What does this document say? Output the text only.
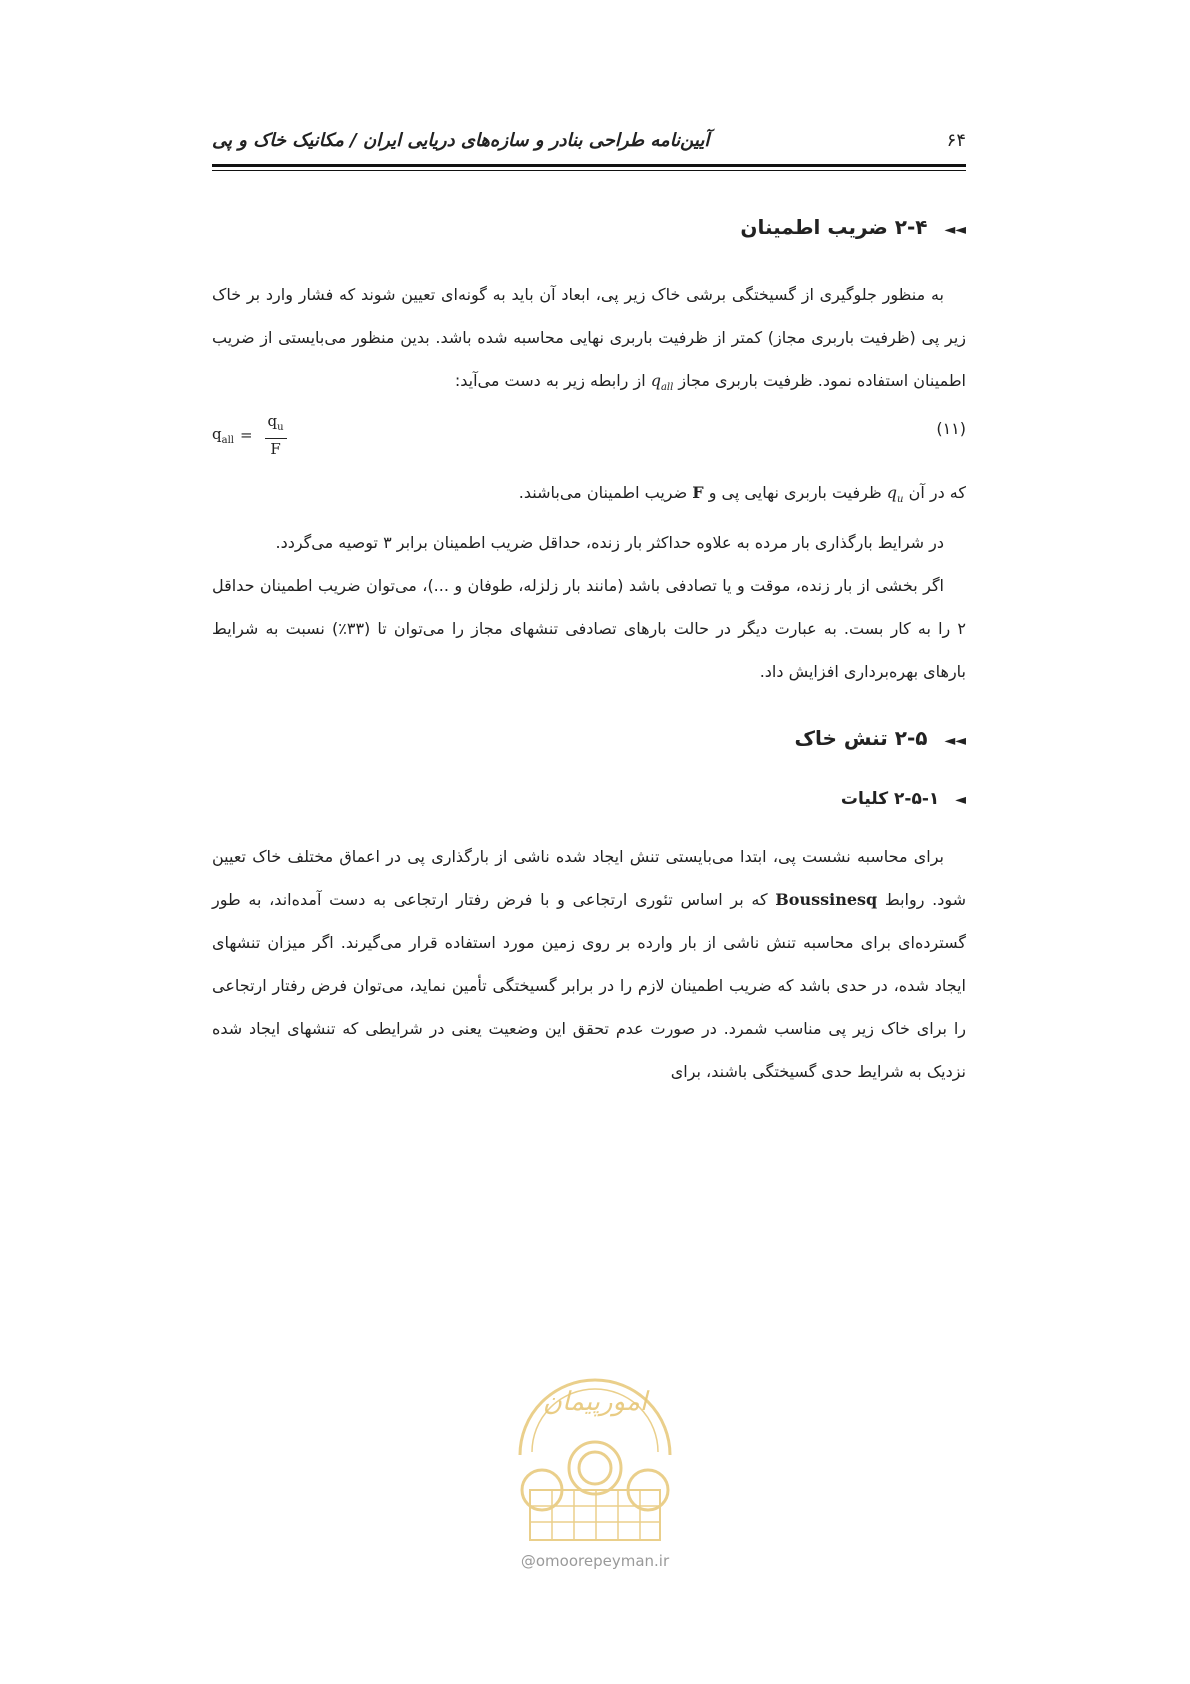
۶۴
آیین‌نامه طراحی بنادر و سازه‌های دریایی ایران / مکانیک خاک و پی
◄◄ ۲-۴ ضریب اطمینان

به منظور جلوگیری از گسیختگی برشی خاک زیر پی، ابعاد آن باید به گونه‌ای تعیین شوند که فشار وارد بر خاک زیر پی (ظرفیت باربری مجاز) کمتر از ظرفیت باربری نهایی محاسبه شده باشد. بدین منظور می‌بایستی از ضریب اطمینان استفاده نمود. ظرفیت باربری مجاز $q_{all}$ از رابطه زیر به دست می‌آید:

(۱۱)
$q_{all} = \frac{q_u}{F}$

که در آن $q_u$ ظرفیت باربری نهایی پی و F ضریب اطمینان می‌باشند.

در شرایط بارگذاری بار مرده به علاوه حداکثر بار زنده، حداقل ضریب اطمینان برابر ۳ توصیه می‌گردد.

اگر بخشی از بار زنده، موقت و یا تصادفی باشد (مانند بار زلزله، طوفان و ...)، می‌توان ضریب اطمینان حداقل ۲ را به کار بست. به عبارت دیگر در حالت بارهای تصادفی تنشهای مجاز را می‌توان تا (۳۳٪) نسبت به شرایط بارهای بهره‌برداری افزایش داد.

◄◄ ۲-۵ تنش خاک
◄ ۲-۵-۱ کلیات

برای محاسبه نشست پی، ابتدا می‌بایستی تنش ایجاد شده ناشی از بارگذاری پی در اعماق مختلف خاک تعیین شود. روابط Boussinesq که بر اساس تئوری ارتجاعی و با فرض رفتار ارتجاعی به دست آمده‌اند، به طور گسترده‌ای برای محاسبه تنش ناشی از بار وارده بر روی زمین مورد استفاده قرار می‌گیرند. اگر میزان تنشهای ایجاد شده، در حدی باشد که ضریب اطمینان لازم را در برابر گسیختگی تأمین نماید، می‌توان فرض رفتار ارتجاعی را برای خاک زیر پی مناسب شمرد. در صورت عدم تحقق این وضعیت یعنی در شرایطی که تنشهای ایجاد شده نزدیک به شرایط حدی گسیختگی باشند، برای

امورپیمان
@omoorepeyman.ir
